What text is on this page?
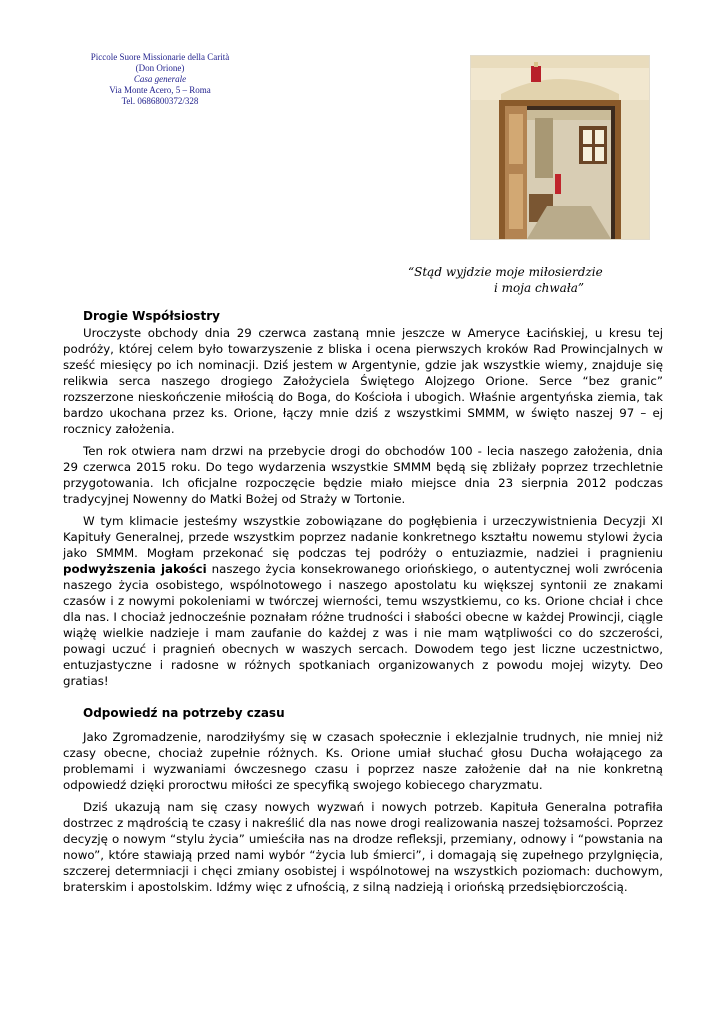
Piccole Suore Missionarie della Carità
(Don Orione)
Casa generale
Via Monte Acero, 5 – Roma
Tel. 0686800372/328
“Stąd wyjdzie moje miłosierdzie
i moja chwała”
Drogie Współsiostry

Uroczyste obchody dnia 29 czerwca zastaną mnie jeszcze w Ameryce Łacińskiej, u kresu tej podróży, której celem było towarzyszenie z bliska i ocena pierwszych kroków Rad Prowincjalnych w sześć miesięcy po ich nominacji. Dziś jestem w Argentynie, gdzie jak wszystkie wiemy, znajduje się relikwia serca naszego drogiego Założyciela Świętego Alojzego Orione. Serce “bez granic” rozszerzone nieskończenie miłością do Boga, do Kościoła i ubogich. Właśnie argentyńska ziemia, tak bardzo ukochana przez ks. Orione, łączy mnie dziś z wszystkimi SMMM, w święto naszej 97 – ej rocznicy założenia.

Ten rok otwiera nam drzwi na przebycie drogi do obchodów 100 - lecia naszego założenia, dnia 29 czerwca 2015 roku. Do tego wydarzenia wszystkie SMMM będą się zbliżały poprzez trzechletnie przygotowania. Ich oficjalne rozpoczęcie będzie miało miejsce dnia 23 sierpnia 2012 podczas tradycyjnej Nowenny do Matki Bożej od Straży w Tortonie.

W tym klimacie jesteśmy wszystkie zobowiązane do pogłębienia i urzeczywistnienia Decyzji XI Kapituły Generalnej, przede wszystkim poprzez nadanie konkretnego kształtu nowemu stylowi życia jako SMMM. Mogłam przekonać się podczas tej podróży o entuziazmie, nadziei i pragnieniu podwyższenia jakości naszego życia konsekrowanego oriońskiego, o autentycznej woli zwrócenia naszego życia osobistego, wspólnotowego i naszego apostolatu ku większej syntonii ze znakami czasów i z nowymi pokoleniami w twórczej wierności, temu wszystkiemu, co ks. Orione chciał i chce dla nas. I chociaż jednocześnie poznałam różne trudności i słabości obecne w każdej Prowincji, ciągle wiążę wielkie nadzieje i mam zaufanie do każdej z was i nie mam wątpliwości co do szczerości, powagi uczuć i pragnień obecnych w waszych sercach. Dowodem tego jest liczne uczestnictwo, entuzjastyczne i radosne w różnych spotkaniach organizowanych z powodu mojej wizyty. Deo gratias!

Odpowiedź na potrzeby czasu

Jako Zgromadzenie, narodziłyśmy się w czasach społecznie i eklezjalnie trudnych, nie mniej niż czasy obecne, chociaż zupełnie różnych. Ks. Orione umiał słuchać głosu Ducha wołającego za problemami i wyzwaniami ówczesnego czasu i poprzez nasze założenie dał na nie konkretną odpowiedź dzięki proroctwu miłości ze specyfiką swojego kobiecego charyzmatu.

Dziś ukazują nam się czasy nowych wyzwań i nowych potrzeb. Kapituła Generalna potrafiła dostrzec z mądrością te czasy i nakreślić dla nas nowe drogi realizowania naszej tożsamości. Poprzez decyzję o nowym “stylu życia” umieściła nas na drodze refleksji, przemiany, odnowy i “powstania na nowo”, które stawiają przed nami wybór “życia lub śmierci”, i domagają się zupełnego przylgnięcia, szczerej determniacji i chęci zmiany osobistej i wspólnotowej na wszystkich poziomach: duchowym, braterskim i apostolskim. Idźmy więc z ufnością, z silną nadzieją i oriońską przedsiębiorczością.
